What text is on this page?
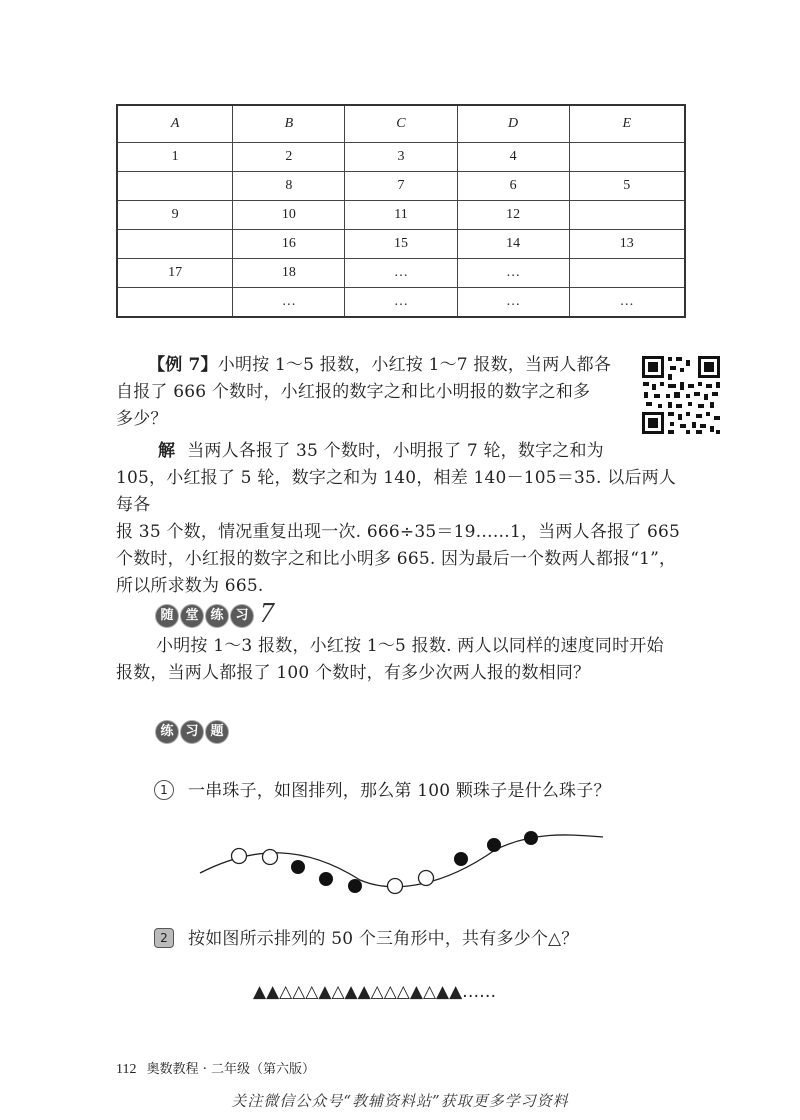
A	B	C	D	E
1	2	3	4	
	8	7	6	5
9	10	11	12	
	16	15	14	13
17	18	…	…	
	…	…	…	…
【例 7】小明按 1～5 报数，小红按 1～7 报数，当两人都各
自报了 666 个数时，小红报的数字之和比小明报的数字之和多
多少？
解 当两人各报了 35 个数时，小明报了 7 轮，数字之和为
105，小红报了 5 轮，数字之和为 140，相差 140－105＝35. 以后两人每各
报 35 个数，情况重复出现一次. 666÷35＝19……1，当两人各报了 665
个数时，小红报的数字之和比小明多 665. 因为最后一个数两人都报“1”，
所以所求数为 665.
随 堂 练 习 7
小明按 1～3 报数，小红按 1～5 报数. 两人以同样的速度同时开始
报数，当两人都报了 100 个数时，有多少次两人报的数相同？
练 习 题
1 一串珠子，如图排列，那么第 100 颗珠子是什么珠子？
2 按如图所示排列的 50 个三角形中，共有多少个△？
▲▲△△△▲△▲▲△△△▲△▲▲……
112 奥数教程 · 二年级（第六版）
关注微信公众号“教辅资料站”获取更多学习资料
